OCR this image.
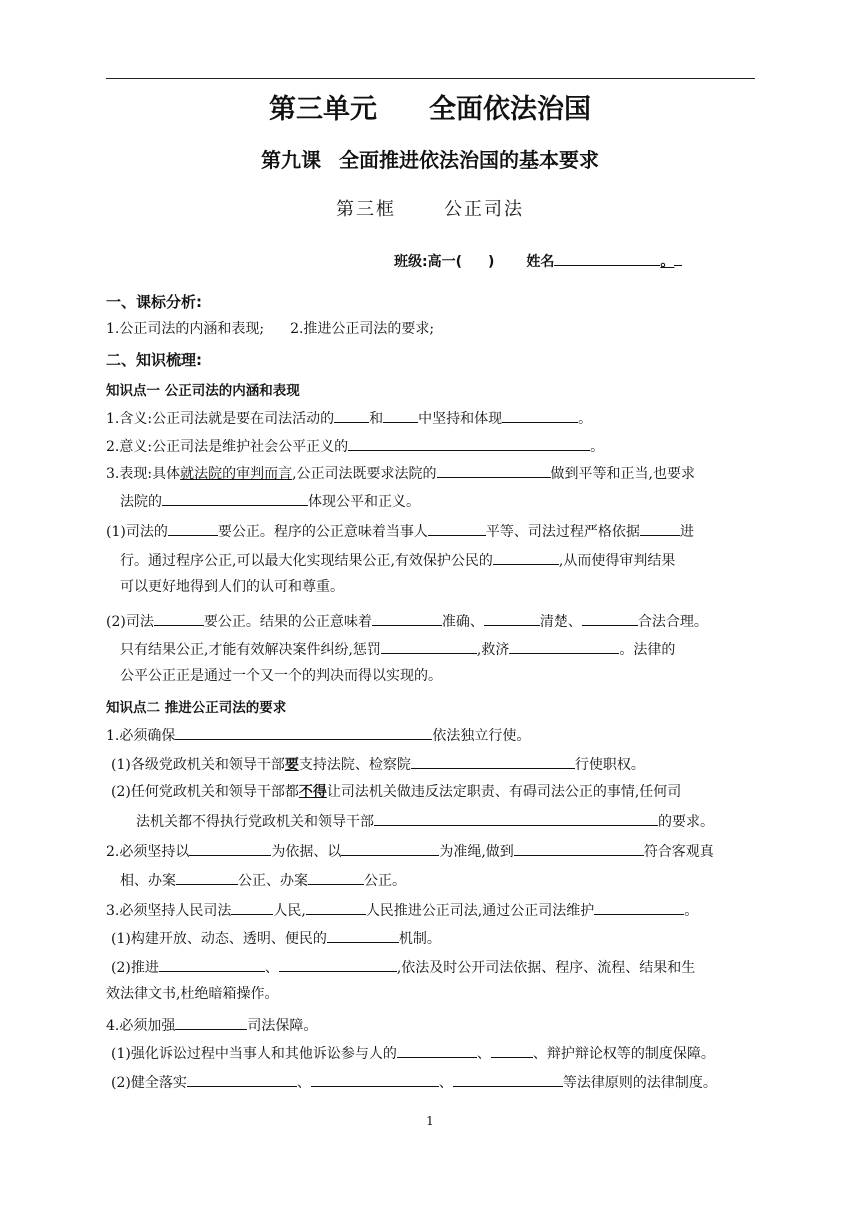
第三单元 全面依法治国
第九课 全面推进依法治国的基本要求
第三框	公正司法
班级:高一( ) 姓名	。
一、课标分析:
1.公正司法的内涵和表现; 2.推进公正司法的要求;
二、知识梳理:
知识点一 公正司法的内涵和表现
1.含义:公正司法就是要在司法活动的	和	中坚持和体现	。
2.意义:公正司法是维护社会公平正义的	。
3.表现:具体就法院的审判而言,公正司法既要求法院的	做到平等和正当,也要求
法院的	体现公平和正义。
(1)司法的	要公正。程序的公正意味着当事人	平等、司法过程严格依据	进
行。通过程序公正,可以最大化实现结果公正,有效保护公民的	,从而使得审判结果
可以更好地得到人们的认可和尊重。
(2)司法	要公正。结果的公正意味着	准确、	清楚、	合法合理。
只有结果公正,才能有效解决案件纠纷,惩罚	,救济	。法律的
公平公正正是通过一个又一个的判决而得以实现的。
知识点二 推进公正司法的要求
1.必须确保	依法独立行使。
(1)各级党政机关和领导干部要支持法院、检察院	行使职权。
(2)任何党政机关和领导干部都不得让司法机关做违反法定职责、有碍司法公正的事情,任何司
法机关都不得执行党政机关和领导干部	的要求。
2.必须坚持以	为依据、以	为准绳,做到	符合客观真
相、办案	公正、办案	公正。
3.必须坚持人民司法	人民,	人民推进公正司法,通过公正司法维护	。
(1)构建开放、动态、透明、便民的	机制。
(2)推进	、	,依法及时公开司法依据、程序、流程、结果和生
效法律文书,杜绝暗箱操作。
4.必须加强	司法保障。
(1)强化诉讼过程中当事人和其他诉讼参与人的	、	、辩护辩论权等的制度保障。
(2)健全落实	、	、	等法律原则的法律制度。
1
